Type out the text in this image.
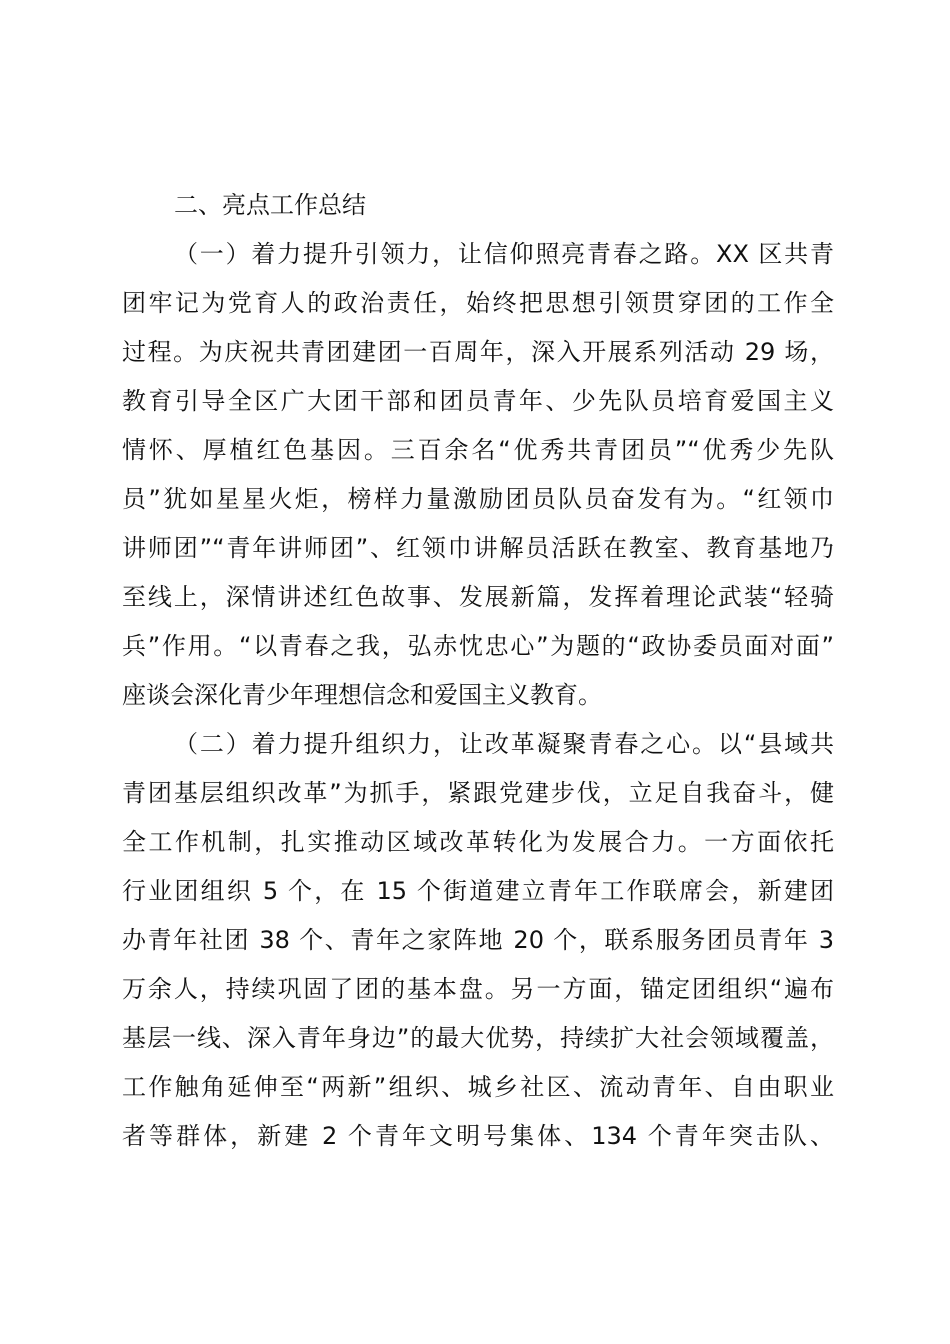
二、亮点工作总结
（一）着力提升引领力，让信仰照亮青春之路。XX 区共青
团牢记为党育人的政治责任，始终把思想引领贯穿团的工作全
过程。为庆祝共青团建团一百周年，深入开展系列活动 29 场，
教育引导全区广大团干部和团员青年、少先队员培育爱国主义
情怀、厚植红色基因。三百余名“优秀共青团员”“优秀少先队
员”犹如星星火炬，榜样力量激励团员队员奋发有为。“红领巾
讲师团”“青年讲师团”、红领巾讲解员活跃在教室、教育基地乃
至线上，深情讲述红色故事、发展新篇，发挥着理论武装“轻骑
兵”作用。“以青春之我，弘赤忱忠心”为题的“政协委员面对面”
座谈会深化青少年理想信念和爱国主义教育。
（二）着力提升组织力，让改革凝聚青春之心。以“县域共
青团基层组织改革”为抓手，紧跟党建步伐，立足自我奋斗，健
全工作机制，扎实推动区域改革转化为发展合力。一方面依托
行业团组织 5 个，在 15 个街道建立青年工作联席会，新建团
办青年社团 38 个、青年之家阵地 20 个，联系服务团员青年 3
万余人，持续巩固了团的基本盘。另一方面，锚定团组织“遍布
基层一线、深入青年身边”的最大优势，持续扩大社会领域覆盖，
工作触角延伸至“两新”组织、城乡社区、流动青年、自由职业
者等群体，新建 2 个青年文明号集体、134 个青年突击队、
